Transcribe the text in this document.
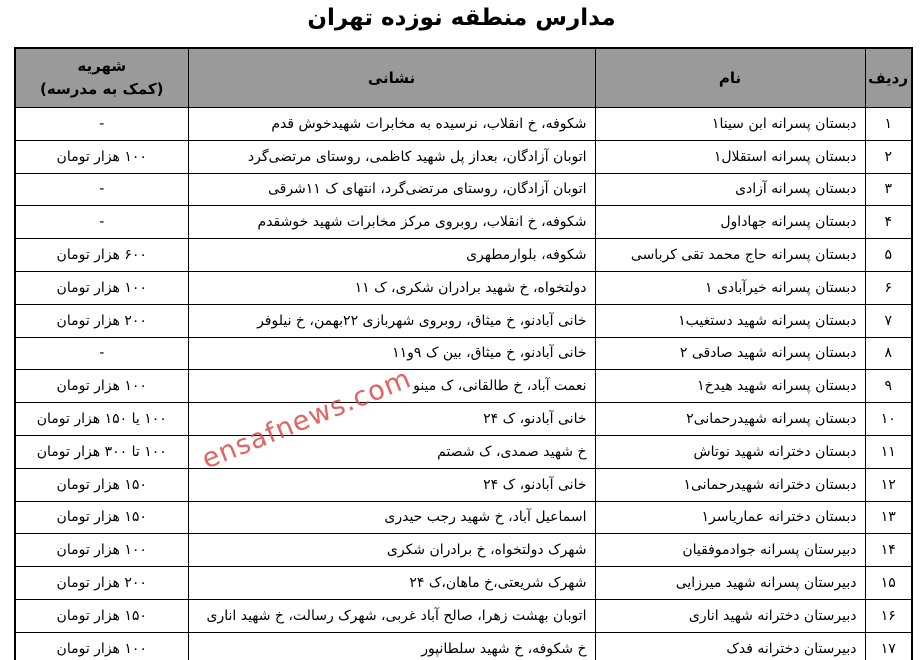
مدارس منطقه نوزده تهران
ردیف	نام	نشانی	شهریه
(کمک به مدرسه)

۱	دبستان پسرانه ابن سینا۱	شکوفه، خ انقلاب، نرسیده به مخابرات شهیدخوش قدم	-
۲	دبستان پسرانه استقلال۱	اتوبان آزادگان، بعداز پل شهید کاظمی، روستای مرتضی‌گرد	۱۰۰ هزار تومان
۳	دبستان پسرانه آزادی	اتوبان آزادگان، روستای مرتضی‌گرد، انتهای ک ۱۱شرقی	-
۴	دبستان پسرانه جهاداول	شکوفه، خ انقلاب، روبروی مرکز مخابرات شهید خوشقدم	-
۵	دبستان پسرانه حاج محمد تقی کرباسی	شکوفه، بلوارمطهری	۶۰۰ هزار تومان
۶	دبستان پسرانه خیرآبادی ۱	دولتخواه، خ شهید برادران شکری، ک ۱۱	۱۰۰ هزار تومان
۷	دبستان پسرانه شهید دستغیب۱	خانی آبادنو، خ میثاق، روبروی شهربازی ۲۲بهمن، خ نیلوفر	۲۰۰ هزار تومان
۸	دبستان پسرانه شهید صادقی ۲	خانی آبادنو، خ میثاق، بین ک ۹و۱۱	-
۹	دبستان پسرانه شهید هیدخ۱	نعمت آباد، خ طالقانی، ک مینو	۱۰۰ هزار تومان
۱۰	دبستان پسرانه شهیدرحمانی۲	خانی آبادنو، ک ۲۴	۱۰۰ یا ۱۵۰ هزار تومان
۱۱	دبستان دخترانه شهید نوتاش	خ شهید صمدی، ک شصتم	۱۰۰ تا ۳۰۰ هزار تومان
۱۲	دبستان دخترانه شهیدرحمانی۱	خانی آبادنو، ک ۲۴	۱۵۰ هزار تومان
۱۳	دبستان دخترانه عماریاسر۱	اسماعیل آباد، خ شهید رجب حیدری	۱۵۰ هزار تومان
۱۴	دبیرستان پسرانه جوادموفقیان	شهرک دولتخواه، خ برادران شکری	۱۰۰ هزار تومان
۱۵	دبیرستان پسرانه شهید میرزایی	شهرک شریعتی،خ ماهان،ک ۲۴	۲۰۰ هزار تومان
۱۶	دبیرستان دخترانه شهید اناری	اتوبان بهشت زهرا، صالح آباد غربی، شهرک رسالت، خ شهید اناری	۱۵۰ هزار تومان
۱۷	دبیرستان دخترانه فدک	خ شکوفه، خ شهید سلطانپور	۱۰۰ هزار تومان
ensafnews.com
